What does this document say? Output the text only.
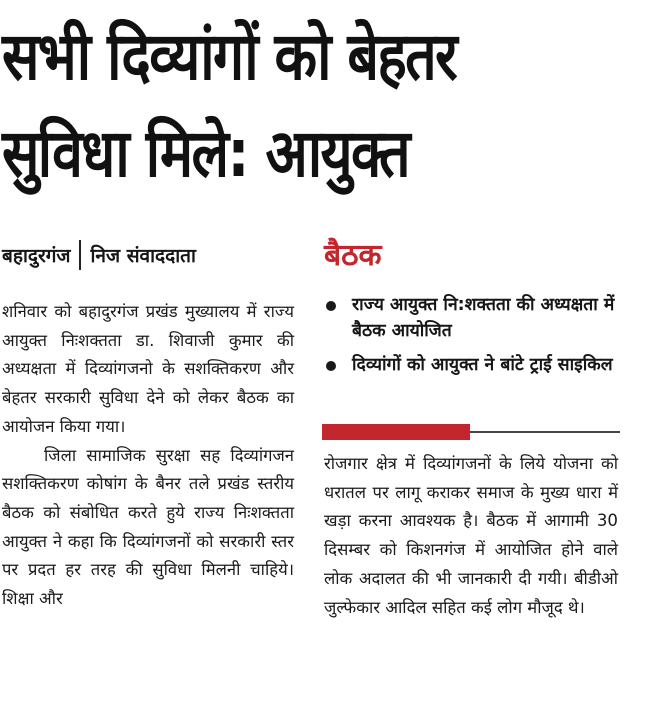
सभी दिव्यांगों को बेहतर
सुविधा मिले: आयुक्त
बहादुरगंज निज संवाददाता

शनिवार को बहादुरगंज प्रखंड मुख्यालय में राज्य आयुक्त निःशक्तता डा. शिवाजी कुमार की अध्यक्षता में दिव्यांगजनो के सशक्तिकरण और बेहतर सरकारी सुविधा देने को लेकर बैठक का आयोजन किया गया।

जिला सामाजिक सुरक्षा सह दिव्यांगजन सशक्तिकरण कोषांग के बैनर तले प्रखंड स्तरीय बैठक को संबोधित करते हुये राज्य निःशक्तता आयुक्त ने कहा कि दिव्यांगजनों को सरकारी स्तर पर प्रदत हर तरह की सुविधा मिलनी चाहिये। शिक्षा और

बैठक
राज्य आयुक्त नि:शक्तता की अध्यक्षता में बैठक आयोजित
दिव्यांगों को आयुक्त ने बांटे ट्राई साइकिल

रोजगार क्षेत्र में दिव्यांगजनों के लिये योजना को धरातल पर लागू कराकर समाज के मुख्य धारा में खड़ा करना आवश्यक है। बैठक में आगामी 30 दिसम्बर को किशनगंज में आयोजित होने वाले लोक अदालत की भी जानकारी दी गयी। बीडीओ जुल्फेकार आदिल सहित कई लोग मौजूद थे।
